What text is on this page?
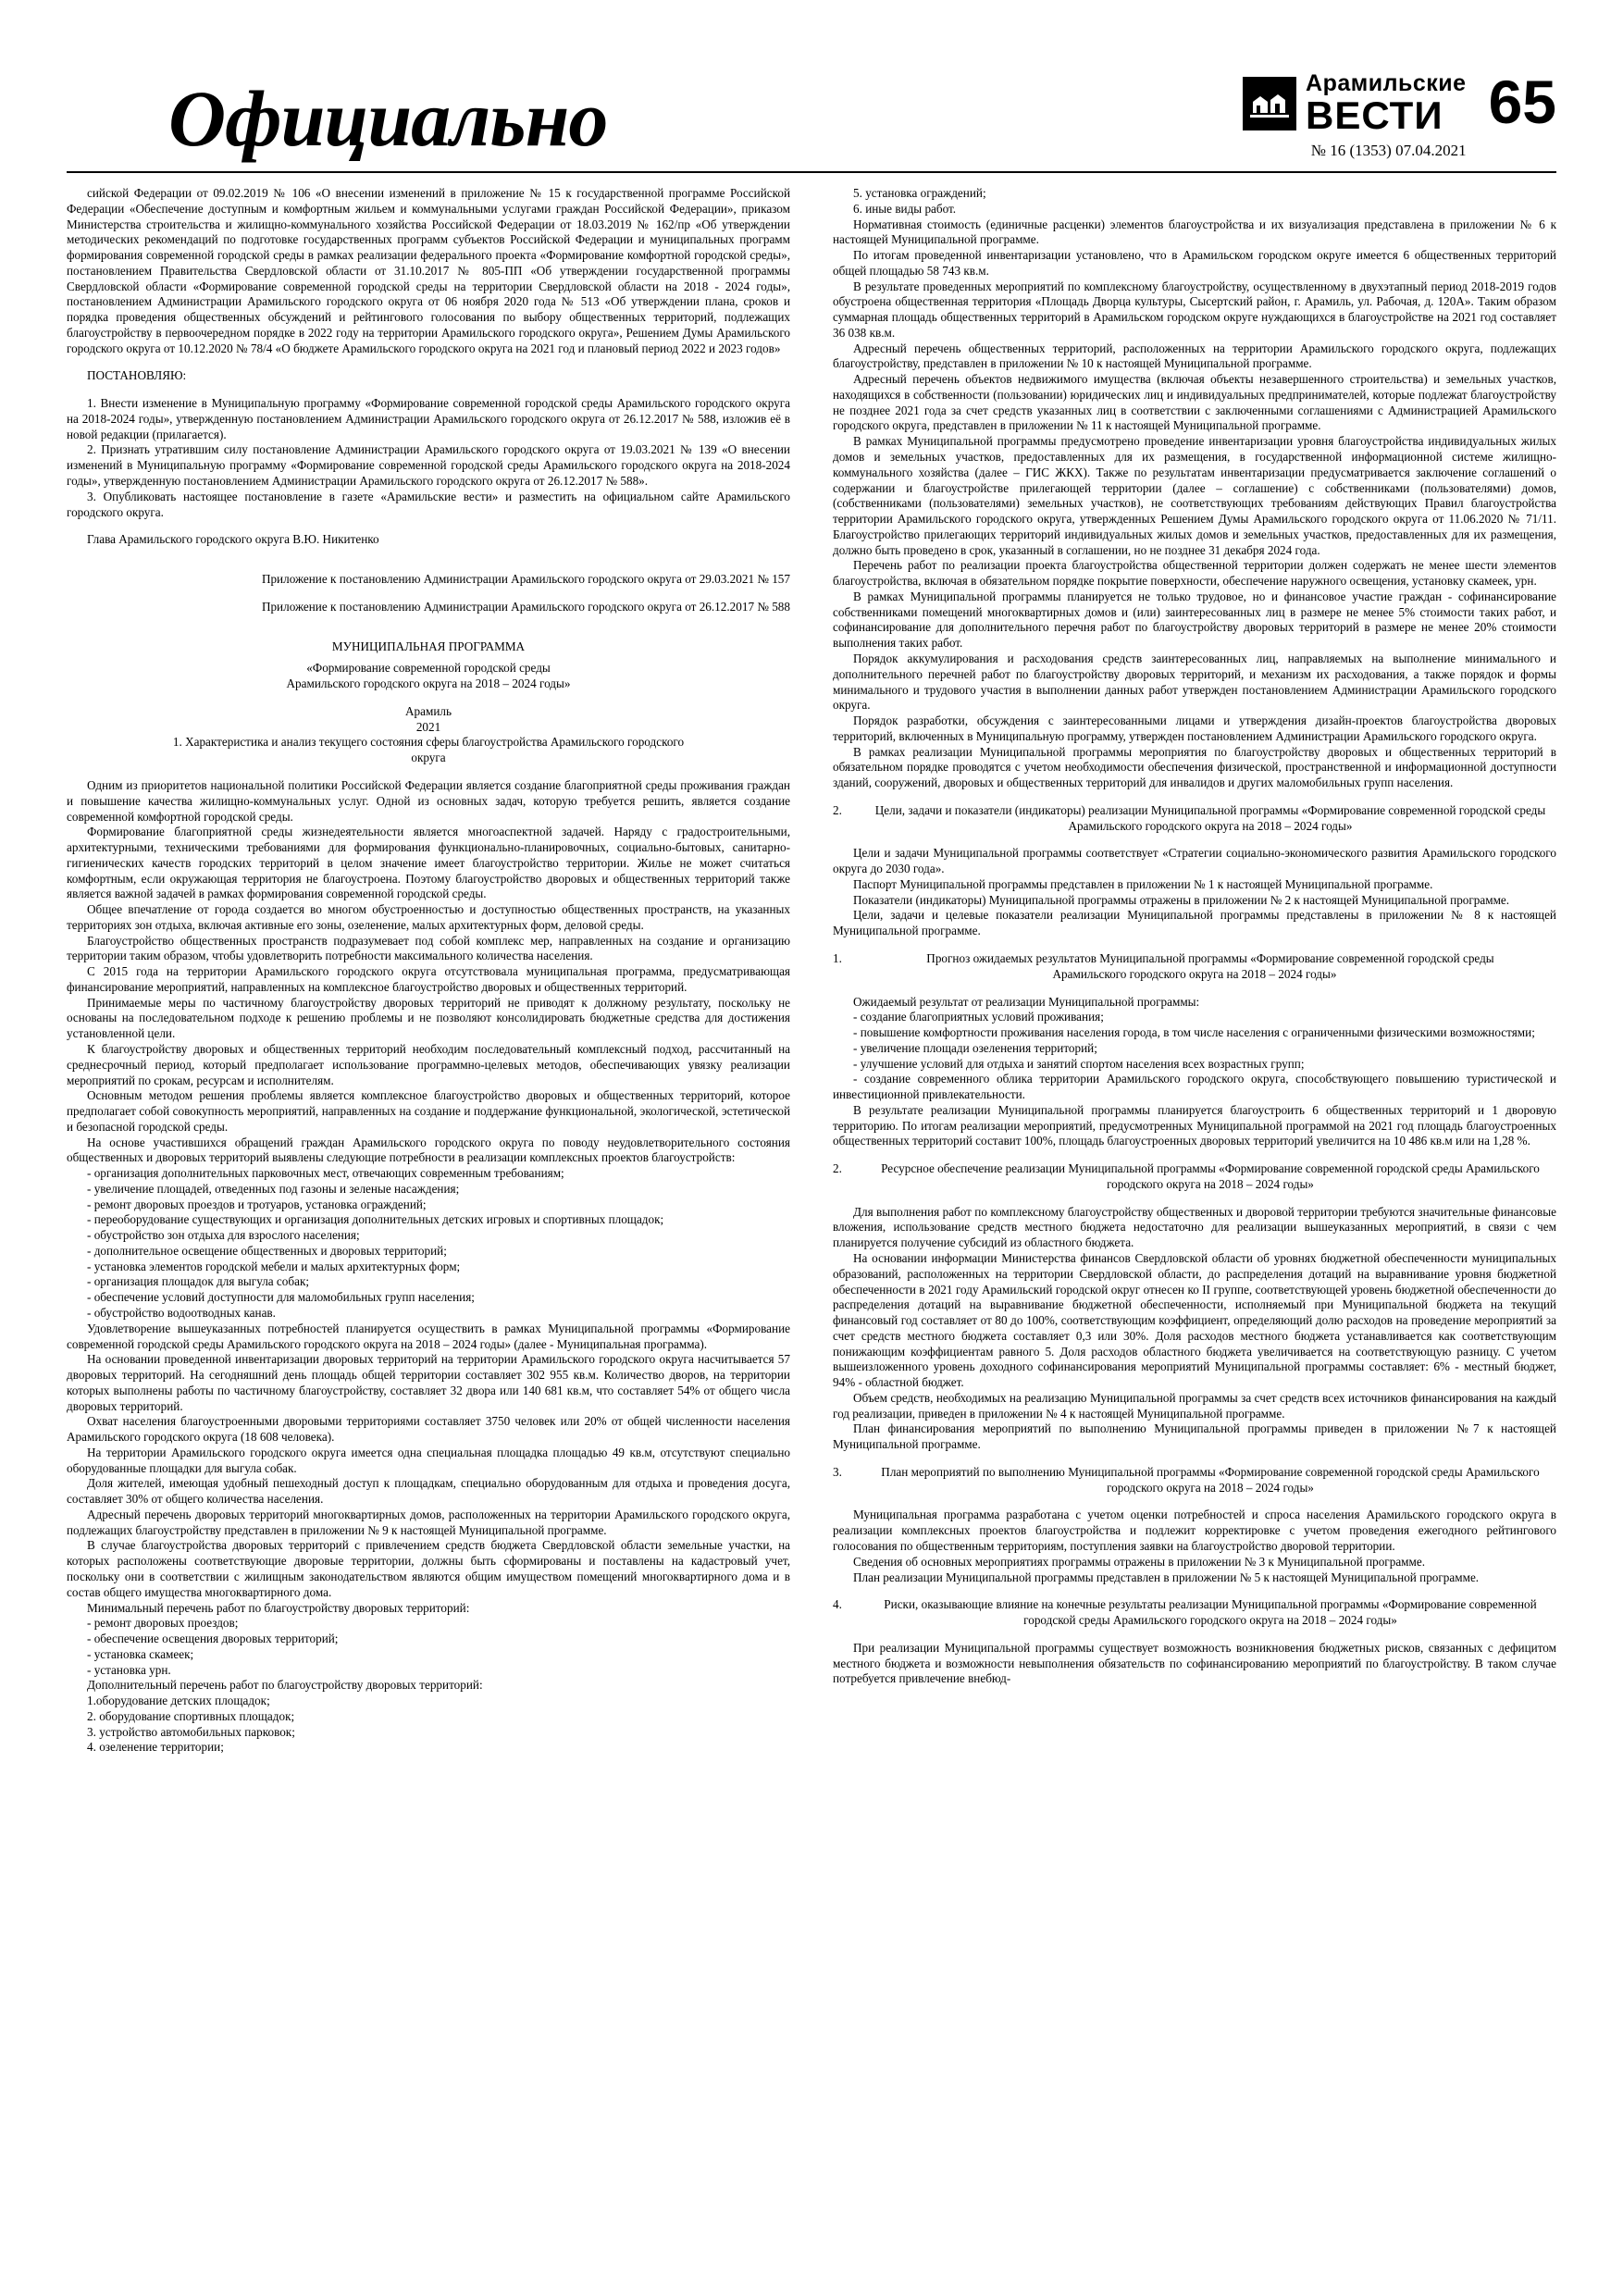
Официально	Арамильские
ВЕСТИ
№ 16 (1353) 07.04.2021
65

сийской Федерации от 09.02.2019 № 106 «О внесении изменений в приложение № 15 к государственной программе Российской Федерации «Обеспечение доступным и комфортным жильем и коммунальными услугами граждан Российской Федерации», приказом Министерства строительства и жилищно-коммунального хозяйства Российской Федерации от 18.03.2019 № 162/пр «Об утверждении методических рекомендаций по подготовке государственных программ субъектов Российской Федерации и муниципальных программ формирования современной городской среды в рамках реализации федерального проекта «Формирование комфортной городской среды», постановлением Правительства Свердловской области от 31.10.2017 № 805-ПП «Об утверждении государственной программы Свердловской области «Формирование современной городской среды на территории Свердловской области на 2018 - 2024 годы», постановлением Администрации Арамильского городского округа от 06 ноября 2020 года № 513 «Об утверждении плана, сроков и порядка проведения общественных обсуждений и рейтингового голосования по выбору общественных территорий, подлежащих благоустройству в первоочередном порядке в 2022 году на территории Арамильского городского округа», Решением Думы Арамильского городского округа от 10.12.2020 № 78/4 «О бюджете Арамильского городского округа на 2021 год и плановый период 2022 и 2023 годов»

ПОСТАНОВЛЯЮ:

1. Внести изменение в Муниципальную программу «Формирование современной городской среды Арамильского городского округа на 2018-2024 годы», утвержденную постановлением Администрации Арамильского городского округа от 26.12.2017 № 588, изложив её в новой редакции (прилагается).

2. Признать утратившим силу постановление Администрации Арамильского городского округа от 19.03.2021 № 139 «О внесении изменений в Муниципальную программу «Формирование современной городской среды Арамильского городского округа на 2018-2024 годы», утвержденную постановлением Администрации Арамильского городского округа от 26.12.2017 № 588».

3. Опубликовать настоящее постановление в газете «Арамильские вести» и разместить на официальном сайте Арамильского городского округа.

Глава Арамильского городского округа В.Ю. Никитенко

Приложение к постановлению Администрации Арамильского городского округа от 29.03.2021 № 157

Приложение к постановлению Администрации Арамильского городского округа от 26.12.2017 № 588

МУНИЦИПАЛЬНАЯ ПРОГРАММА

«Формирование современной городской среды

Арамильского городского округа на 2018 – 2024 годы»

Арамиль

2021

1. Характеристика и анализ текущего состояния сферы благоустройства Арамильского городского

округа

Одним из приоритетов национальной политики Российской Федерации является создание благоприятной среды проживания граждан и повышение качества жилищно-коммунальных услуг. Одной из основных задач, которую требуется решить, является создание современной комфортной городской среды.

Формирование благоприятной среды жизнедеятельности является многоаспектной задачей. Наряду с градостроительными, архитектурными, техническими требованиями для формирования функционально-планировочных, социально-бытовых, санитарно-гигиенических качеств городских территорий в целом значение имеет благоустройство территории. Жилье не может считаться комфортным, если окружающая территория не благоустроена. Поэтому благоустройство дворовых и общественных территорий также является важной задачей в рамках формирования современной городской среды.

Общее впечатление от города создается во многом обустроенностью и доступностью общественных пространств, на указанных территориях зон отдыха, включая активные его зоны, озеленение, малых архитектурных форм, деловой среды.

Благоустройство общественных пространств подразумевает под собой комплекс мер, направленных на создание и организацию территории таким образом, чтобы удовлетворить потребности максимального количества населения.

С 2015 года на территории Арамильского городского округа отсутствовала муниципальная программа, предусматривающая финансирование мероприятий, направленных на комплексное благоустройство дворовых и общественных территорий.

Принимаемые меры по частичному благоустройству дворовых территорий не приводят к должному результату, поскольку не основаны на последовательном подходе к решению проблемы и не позволяют консолидировать бюджетные средства для достижения установленной цели.

К благоустройству дворовых и общественных территорий необходим последовательный комплексный подход, рассчитанный на среднесрочный период, который предполагает использование программно-целевых методов, обеспечивающих увязку реализации мероприятий по срокам, ресурсам и исполнителям.

Основным методом решения проблемы является комплексное благоустройство дворовых и общественных территорий, которое предполагает собой совокупность мероприятий, направленных на создание и поддержание функциональной, экологической, эстетической и безопасной городской среды.

На основе участившихся обращений граждан Арамильского городского округа по поводу неудовлетворительного состояния общественных и дворовых территорий выявлены следующие потребности в реализации комплексных проектов благоустройств:

- организация дополнительных парковочных мест, отвечающих современным требованиям;

- увеличение площадей, отведенных под газоны и зеленые насаждения;

- ремонт дворовых проездов и тротуаров, установка ограждений;

- переоборудование существующих и организация дополнительных детских игровых и спортивных площадок;

- обустройство зон отдыха для взрослого населения;

- дополнительное освещение общественных и дворовых территорий;

- установка элементов городской мебели и малых архитектурных форм;

- организация площадок для выгула собак;

- обеспечение условий доступности для маломобильных групп населения;

- обустройство водоотводных канав.

Удовлетворение вышеуказанных потребностей планируется осуществить в рамках Муниципальной программы «Формирование современной городской среды Арамильского городского округа на 2018 – 2024 годы» (далее - Муниципальная программа).

На основании проведенной инвентаризации дворовых территорий на территории Арамильского городского округа насчитывается 57 дворовых территорий. На сегодняшний день площадь общей территории составляет 302 955 кв.м. Количество дворов, на территории которых выполнены работы по частичному благоустройству, составляет 32 двора или 140 681 кв.м, что составляет 54% от общего числа дворовых территорий.

Охват населения благоустроенными дворовыми территориями составляет 3750 человек или 20% от общей численности населения Арамильского городского округа (18 608 человека).

На территории Арамильского городского округа имеется одна специальная площадка площадью 49 кв.м, отсутствуют специально оборудованные площадки для выгула собак.

Доля жителей, имеющая удобный пешеходный доступ к площадкам, специально оборудованным для отдыха и проведения досуга, составляет 30% от общего количества населения.

Адресный перечень дворовых территорий многоквартирных домов, расположенных на территории Арамильского городского округа, подлежащих благоустройству представлен в приложении № 9 к настоящей Муниципальной программе.

В случае благоустройства дворовых территорий с привлечением средств бюджета Свердловской области земельные участки, на которых расположены соответствующие дворовые территории, должны быть сформированы и поставлены на кадастровый учет, поскольку они в соответствии с жилищным законодательством являются общим имуществом помещений многоквартирного дома и в состав общего имущества многоквартирного дома.

Минимальный перечень работ по благоустройству дворовых территорий:

- ремонт дворовых проездов;

- обеспечение освещения дворовых территорий;

- установка скамеек;

- установка урн.

Дополнительный перечень работ по благоустройству дворовых территорий:

1.оборудование детских площадок;

2. оборудование спортивных площадок;

3. устройство автомобильных парковок;

4. озеленение территории;

5. установка ограждений;

6. иные виды работ.

Нормативная стоимость (единичные расценки) элементов благоустройства и их визуализация представлена в приложении № 6 к настоящей Муниципальной программе.

По итогам проведенной инвентаризации установлено, что в Арамильском городском округе имеется 6 общественных территорий общей площадью 58 743 кв.м.

В результате проведенных мероприятий по комплексному благоустройству, осуществленному в двухэтапный период 2018-2019 годов обустроена общественная территория «Площадь Дворца культуры, Сысертский район, г. Арамиль, ул. Рабочая, д. 120А». Таким образом суммарная площадь общественных территорий в Арамильском городском округе нуждающихся в благоустройстве на 2021 год составляет 36 038 кв.м.

Адресный перечень общественных территорий, расположенных на территории Арамильского городского округа, подлежащих благоустройству, представлен в приложении № 10 к настоящей Муниципальной программе.

Адресный перечень объектов недвижимого имущества (включая объекты незавершенного строительства) и земельных участков, находящихся в собственности (пользовании) юридических лиц и индивидуальных предпринимателей, которые подлежат благоустройству не позднее 2021 года за счет средств указанных лиц в соответствии с заключенными соглашениями с Администрацией Арамильского городского округа, представлен в приложении № 11 к настоящей Муниципальной программе.

В рамках Муниципальной программы предусмотрено проведение инвентаризации уровня благоустройства индивидуальных жилых домов и земельных участков, предоставленных для их размещения, в государственной информационной системе жилищно-коммунального хозяйства (далее – ГИС ЖКХ). Также по результатам инвентаризации предусматривается заключение соглашений о содержании и благоустройстве прилегающей территории (далее – соглашение) с собственниками (пользователями) домов, (собственниками (пользователями) земельных участков), не соответствующих требованиям действующих Правил благоустройства территории Арамильского городского округа, утвержденных Решением Думы Арамильского городского округа от 11.06.2020 № 71/11. Благоустройство прилегающих территорий индивидуальных жилых домов и земельных участков, предоставленных для их размещения, должно быть проведено в срок, указанный в соглашении, но не позднее 31 декабря 2024 года.

Перечень работ по реализации проекта благоустройства общественной территории должен содержать не менее шести элементов благоустройства, включая в обязательном порядке покрытие поверхности, обеспечение наружного освещения, установку скамеек, урн.

В рамках Муниципальной программы планируется не только трудовое, но и финансовое участие граждан - софинансирование собственниками помещений многоквартирных домов и (или) заинтересованных лиц в размере не менее 5% стоимости таких работ, и софинансирование для дополнительного перечня работ по благоустройству дворовых территорий в размере не менее 20% стоимости выполнения таких работ.

Порядок аккумулирования и расходования средств заинтересованных лиц, направляемых на выполнение минимального и дополнительного перечней работ по благоустройству дворовых территорий, и механизм их расходования, а также порядок и формы минимального и трудового участия в выполнении данных работ утвержден постановлением Администрации Арамильского городского округа.

Порядок разработки, обсуждения с заинтересованными лицами и утверждения дизайн-проектов благоустройства дворовых территорий, включенных в Муниципальную программу, утвержден постановлением Администрации Арамильского городского округа.

В рамках реализации Муниципальной программы мероприятия по благоустройству дворовых и общественных территорий в обязательном порядке проводятся с учетом необходимости обеспечения физической, пространственной и информационной доступности зданий, сооружений, дворовых и общественных территорий для инвалидов и других маломобильных групп населения.

2.	Цели, задачи и показатели (индикаторы) реализации Муниципальной программы «Формирование современной городской среды Арамильского городского округа на 2018 – 2024 годы»

Цели и задачи Муниципальной программы соответствует «Стратегии социально-экономического развития Арамильского городского округа до 2030 года».

Паспорт Муниципальной программы представлен в приложении № 1 к настоящей Муниципальной программе.

Показатели (индикаторы) Муниципальной программы отражены в приложении № 2 к настоящей Муниципальной программе.

Цели, задачи и целевые показатели реализации Муниципальной программы представлены в приложении № 8 к настоящей Муниципальной программе.

1.	Прогноз ожидаемых результатов Муниципальной программы «Формирование современной городской среды

Арамильского городского округа на 2018 – 2024 годы»

Ожидаемый результат от реализации Муниципальной программы:

- создание благоприятных условий проживания;

- повышение комфортности проживания населения города, в том числе населения с ограниченными физическими возможностями;

- увеличение площади озеленения территорий;

- улучшение условий для отдыха и занятий спортом населения всех возрастных групп;

- создание современного облика территории Арамильского городского округа, способствующего повышению туристической и инвестиционной привлекательности.

В результате реализации Муниципальной программы планируется благоустроить 6 общественных территорий и 1 дворовую территорию. По итогам реализации мероприятий, предусмотренных Муниципальной программой на 2021 год площадь благоустроенных общественных территорий составит 100%, площадь благоустроенных дворовых территорий увеличится на 10 486 кв.м или на 1,28 %.

2.	Ресурсное обеспечение реализации Муниципальной программы «Формирование современной городской среды Арамильского городского округа на 2018 – 2024 годы»

Для выполнения работ по комплексному благоустройству общественных и дворовой территории требуются значительные финансовые вложения, использование средств местного бюджета недостаточно для реализации вышеуказанных мероприятий, в связи с чем планируется получение субсидий из областного бюджета.

На основании информации Министерства финансов Свердловской области об уровнях бюджетной обеспеченности муниципальных образований, расположенных на территории Свердловской области, до распределения дотаций на выравнивание уровня бюджетной обеспеченности в 2021 году Арамильский городской округ отнесен ко II группе, соответствующей уровень бюджетной обеспеченности до распределения дотаций на выравнивание бюджетной обеспеченности, исполняемый при Муниципальной бюджета на текущий финансовый год составляет от 80 до 100%, соответствующим коэффициент, определяющий долю расходов на проведение мероприятий за счет средств местного бюджета составляет 0,3 или 30%. Доля расходов местного бюджета устанавливается как соответствующим понижающим коэффициентам равного 5. Доля расходов областного бюджета увеличивается на соответствующую разницу. С учетом вышеизложенного уровень доходного софинансирования мероприятий Муниципальной программы составляет: 6% - местный бюджет, 94% - областной бюджет.

Объем средств, необходимых на реализацию Муниципальной программы за счет средств всех источников финансирования на каждый год реализации, приведен в приложении № 4 к настоящей Муниципальной программе.

План финансирования мероприятий по выполнению Муниципальной программы приведен в приложении №7 к настоящей Муниципальной программе.

3.	План мероприятий по выполнению Муниципальной программы «Формирование современной городской среды Арамильского городского округа на 2018 – 2024 годы»

Муниципальная программа разработана с учетом оценки потребностей и спроса населения Арамильского городского округа в реализации комплексных проектов благоустройства и подлежит корректировке с учетом проведения ежегодного рейтингового голосования по общественным территориям, поступления заявки на благоустройство дворовой территории.

Сведения об основных мероприятиях программы отражены в приложении № 3 к Муниципальной программе.

План реализации Муниципальной программы представлен в приложении № 5 к настоящей Муниципальной программе.

4.	Риски, оказывающие влияние на конечные результаты реализации Муниципальной программы «Формирование современной городской среды Арамильского городского округа на 2018 – 2024 годы»

При реализации Муниципальной программы существует возможность возникновения бюджетных рисков, связанных с дефицитом местного бюджета и возможности невыполнения обязательств по софинансированию мероприятий по благоустройству. В таком случае потребуется привлечение внебюд-
